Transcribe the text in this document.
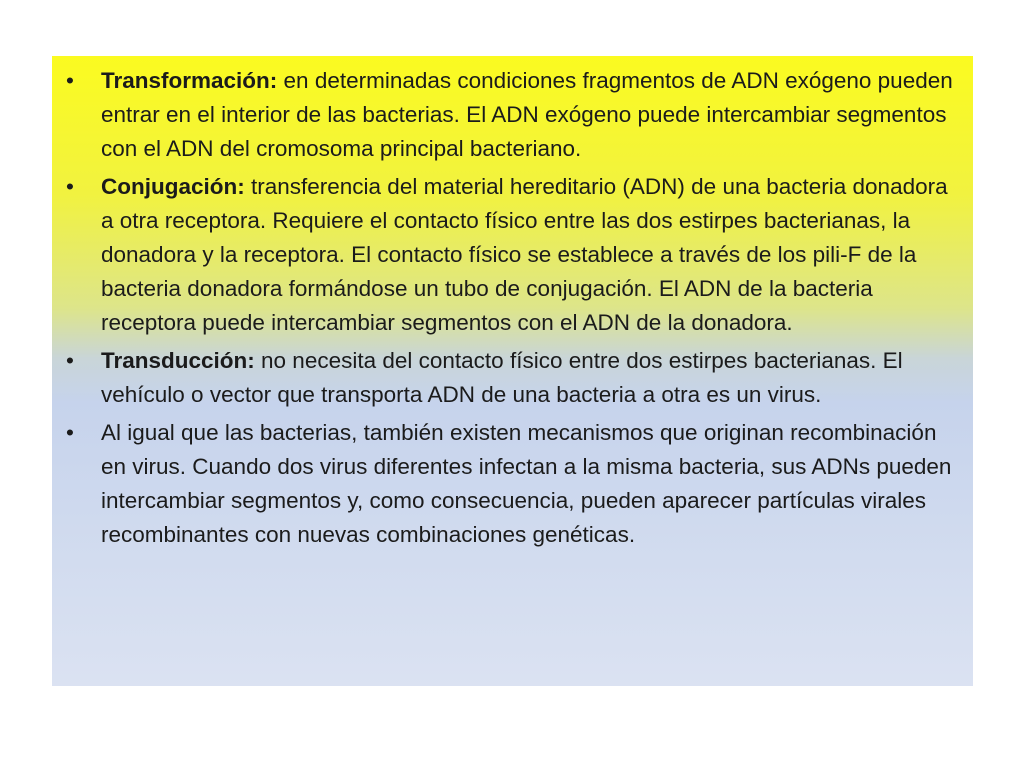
• Transformación: en determinadas condiciones fragmentos de ADN exógeno pueden entrar en el interior de las bacterias. El ADN exógeno puede intercambiar segmentos con el ADN del cromosoma principal bacteriano.
• Conjugación: transferencia del material hereditario (ADN) de una bacteria donadora a otra receptora. Requiere el contacto físico entre las dos estirpes bacterianas, la donadora y la receptora. El contacto físico se establece a través de los pili-F de la bacteria donadora formándose un tubo de conjugación. El ADN de la bacteria receptora puede intercambiar segmentos con el ADN de la donadora.
• Transducción: no necesita del contacto físico entre dos estirpes bacterianas. El vehículo o vector que transporta ADN de una bacteria a otra es un virus.
• Al igual que las bacterias, también existen mecanismos que originan recombinación en virus. Cuando dos virus diferentes infectan a la misma bacteria, sus ADNs pueden intercambiar segmentos y, como consecuencia, pueden aparecer partículas virales recombinantes con nuevas combinaciones genéticas.
